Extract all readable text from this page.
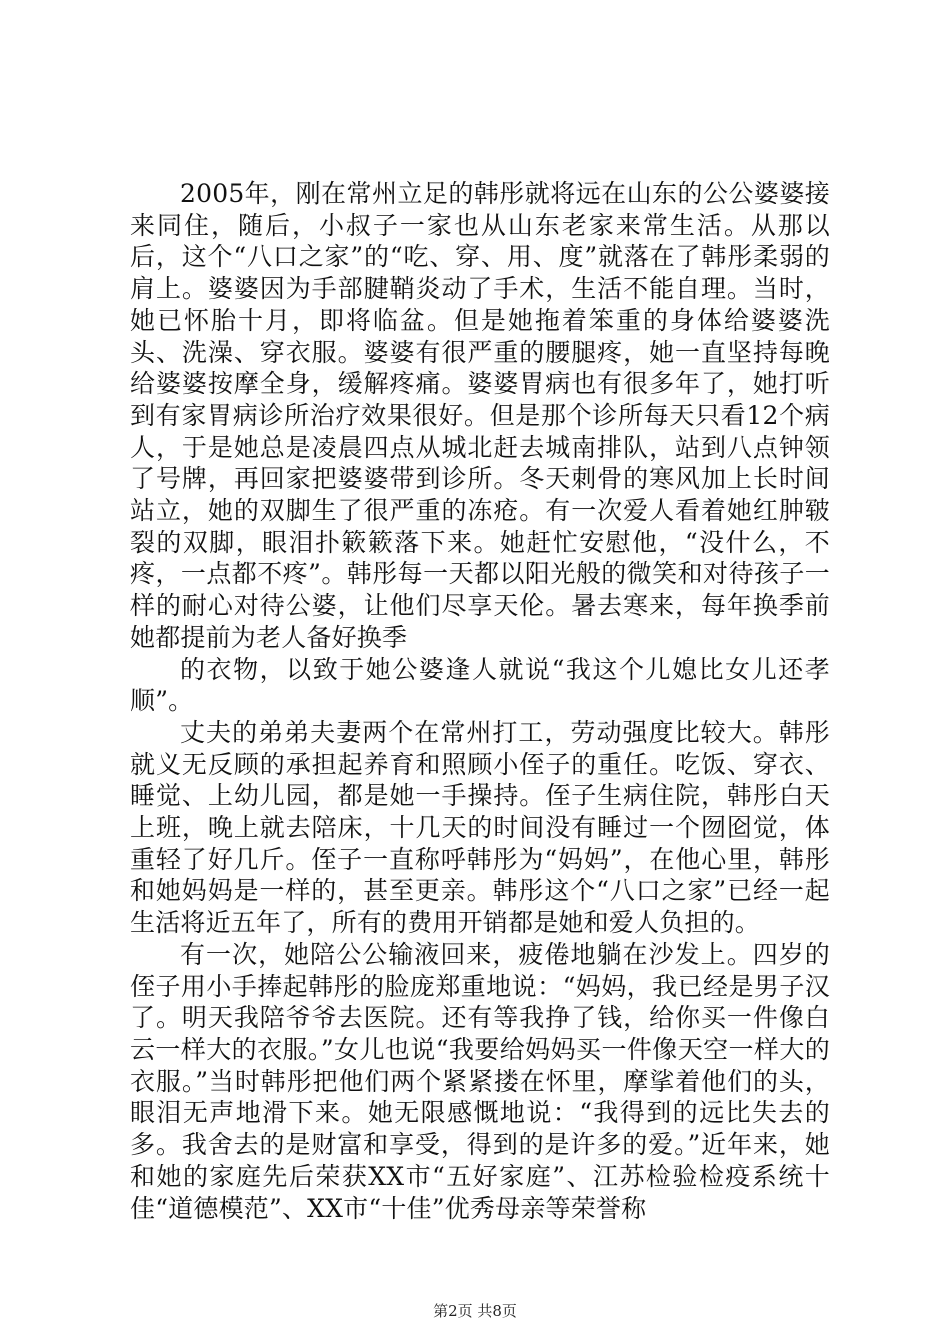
2005年，刚在常州立足的韩彤就将远在山东的公公婆婆接来同住，随后，小叔子一家也从山东老家来常生活。从那以后，这个“八口之家”的“吃、穿、用、度”就落在了韩彤柔弱的肩上。婆婆因为手部腱鞘炎动了手术，生活不能自理。当时，她已怀胎十月，即将临盆。但是她拖着笨重的身体给婆婆洗头、洗澡、穿衣服。婆婆有很严重的腰腿疼，她一直坚持每晚给婆婆按摩全身，缓解疼痛。婆婆胃病也有很多年了，她打听到有家胃病诊所治疗效果很好。但是那个诊所每天只看12个病人，于是她总是凌晨四点从城北赶去城南排队，站到八点钟领了号牌，再回家把婆婆带到诊所。冬天刺骨的寒风加上长时间站立，她的双脚生了很严重的冻疮。有一次爱人看着她红肿皲裂的双脚，眼泪扑簌簌落下来。她赶忙安慰他，“没什么，不疼，一点都不疼”。韩彤每一天都以阳光般的微笑和对待孩子一样的耐心对待公婆，让他们尽享天伦。暑去寒来，每年换季前她都提前为老人备好换季

的衣物，以致于她公婆逢人就说“我这个儿媳比女儿还孝顺”。

丈夫的弟弟夫妻两个在常州打工，劳动强度比较大。韩彤就义无反顾的承担起养育和照顾小侄子的重任。吃饭、穿衣、睡觉、上幼儿园，都是她一手操持。侄子生病住院，韩彤白天上班，晚上就去陪床，十几天的时间没有睡过一个囫囵觉，体重轻了好几斤。侄子一直称呼韩彤为“妈妈”，在他心里，韩彤和她妈妈是一样的，甚至更亲。韩彤这个“八口之家”已经一起生活将近五年了，所有的费用开销都是她和爱人负担的。

有一次，她陪公公输液回来，疲倦地躺在沙发上。四岁的侄子用小手捧起韩彤的脸庞郑重地说：“妈妈，我已经是男子汉了。明天我陪爷爷去医院。还有等我挣了钱，给你买一件像白云一样大的衣服。”女儿也说“我要给妈妈买一件像天空一样大的衣服。”当时韩彤把他们两个紧紧搂在怀里，摩挲着他们的头，眼泪无声地滑下来。她无限感慨地说：“我得到的远比失去的多。我舍去的是财富和享受，得到的是许多的爱。”近年来，她和她的家庭先后荣获XX市“五好家庭”、江苏检验检疫系统十佳“道德模范”、XX市“十佳”优秀母亲等荣誉称

第2页 共8页
